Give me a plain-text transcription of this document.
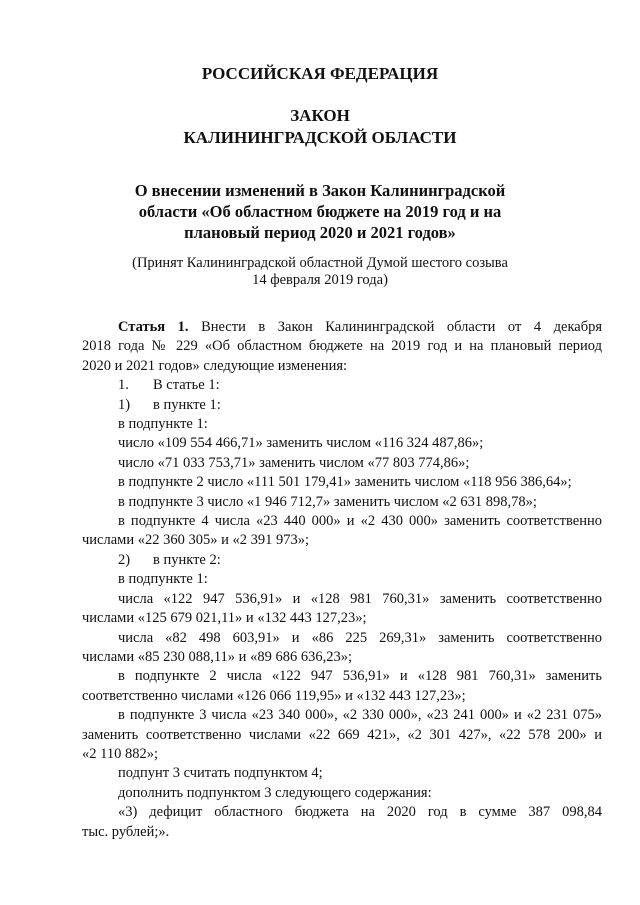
РОССИЙСКАЯ ФЕДЕРАЦИЯ
ЗАКОН
КАЛИНИНГРАДСКОЙ ОБЛАСТИ
О внесении изменений в Закон Калининградской
области «Об областном бюджете на 2019 год и на
плановый период 2020 и 2021 годов»
(Принят Калининградской областной Думой шестого созыва
14 февраля 2019 года)
Статья 1. Внести в Закон Калининградской области от 4 декабря
2018 года № 229 «Об областном бюджете на 2019 год и на плановый период
2020 и 2021 годов» следующие изменения:
1. В статье 1:
1) в пункте 1:
в подпункте 1:
число «109 554 466,71» заменить числом «116 324 487,86»;
число «71 033 753,71» заменить числом «77 803 774,86»;
в подпункте 2 число «111 501 179,41» заменить числом «118 956 386,64»;
в подпункте 3 число «1 946 712,7» заменить числом «2 631 898,78»;
в подпункте 4 числа «23 440 000» и «2 430 000» заменить соответственно
числами «22 360 305» и «2 391 973»;
2) в пункте 2:
в подпункте 1:
числа «122 947 536,91» и «128 981 760,31» заменить соответственно
числами «125 679 021,11» и «132 443 127,23»;
числа «82 498 603,91» и «86 225 269,31» заменить соответственно
числами «85 230 088,11» и «89 686 636,23»;
в подпункте 2 числа «122 947 536,91» и «128 981 760,31» заменить
соответственно числами «126 066 119,95» и «132 443 127,23»;
в подпункте 3 числа «23 340 000», «2 330 000», «23 241 000» и «2 231 075»
заменить соответственно числами «22 669 421», «2 301 427», «22 578 200» и
«2 110 882»;
подпунт 3 считать подпунктом 4;
дополнить подпунктом 3 следующего содержания:
«3) дефицит областного бюджета на 2020 год в сумме 387 098,84
тыс. рублей;».
